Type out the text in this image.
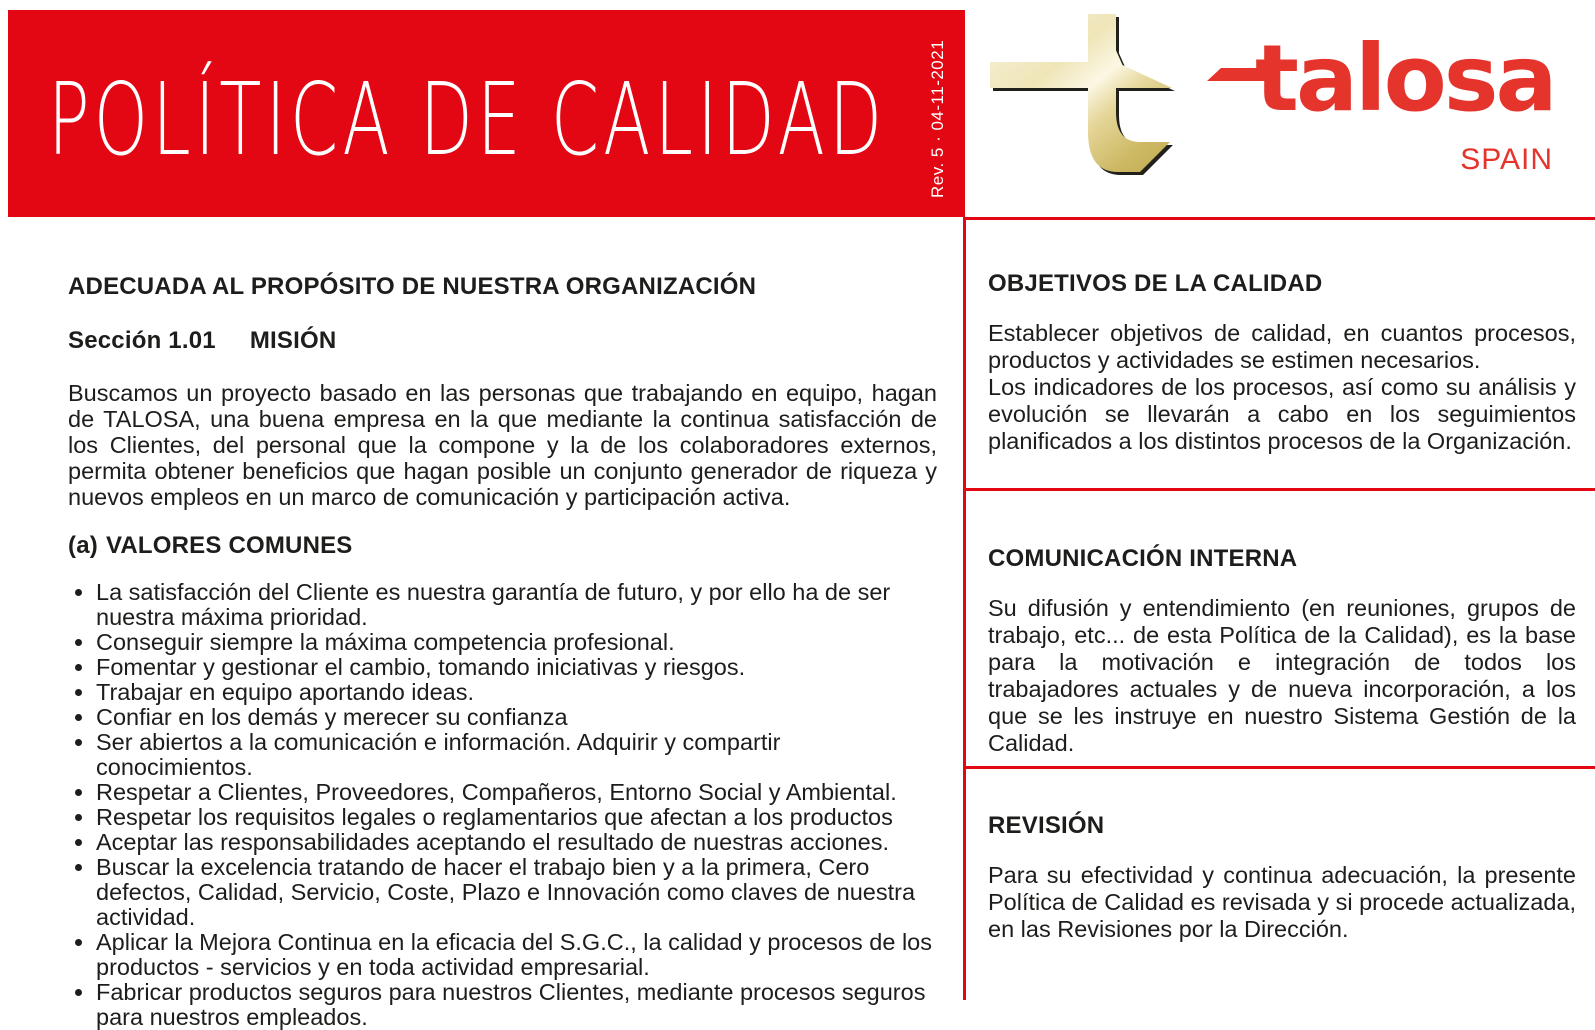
POLÍTICA DE CALIDAD Rev. 5 · 04-11-2021	talosa
SPAIN
ADECUADA AL PROPÓSITO DE NUESTRA ORGANIZACIÓN
Sección 1.01 MISIÓN

Buscamos un proyecto basado en las personas que trabajando en equipo, hagan de TALOSA, una buena empresa en la que mediante la continua satisfacción de los Clientes, del personal que la compone y la de los colaboradores externos, permita obtener beneficios que hagan posible un conjunto generador de riqueza y nuevos empleos en un marco de comunicación y participación activa.

(a) VALORES COMUNES
La satisfacción del Cliente es nuestra garantía de futuro, y por ello ha de ser nuestra máxima prioridad.
Conseguir siempre la máxima competencia profesional.
Fomentar y gestionar el cambio, tomando iniciativas y riesgos.
Trabajar en equipo aportando ideas.
Confiar en los demás y merecer su confianza
Ser abiertos a la comunicación e información. Adquirir y compartir conocimientos.
Respetar a Clientes, Proveedores, Compañeros, Entorno Social y Ambiental.
Respetar los requisitos legales o reglamentarios que afectan a los productos
Aceptar las responsabilidades aceptando el resultado de nuestras acciones.
Buscar la excelencia tratando de hacer el trabajo bien y a la primera, Cero defectos, Calidad, Servicio, Coste, Plazo e Innovación como claves de nuestra actividad.
Aplicar la Mejora Continua en la eficacia del S.G.C., la calidad y procesos de los productos - servicios y en toda actividad empresarial.
Fabricar productos seguros para nuestros Clientes, mediante procesos seguros para nuestros empleados.
OBJETIVOS DE LA CALIDAD

Establecer objetivos de calidad, en cuantos procesos, productos y actividades se estimen necesarios.

Los indicadores de los procesos, así como su análisis y evolución se llevarán a cabo en los seguimientos planificados a los distintos procesos de la Organización.

COMUNICACIÓN INTERNA

Su difusión y entendimiento (en reuniones, grupos de trabajo, etc... de esta Política de la Calidad), es la base para la motivación e integración de todos los trabajadores actuales y de nueva incorporación, a los que se les instruye en nuestro Sistema Gestión de la Calidad.

REVISIÓN

Para su efectividad y continua adecuación, la presente Política de Calidad es revisada y si procede actualizada, en las Revisiones por la Dirección.
